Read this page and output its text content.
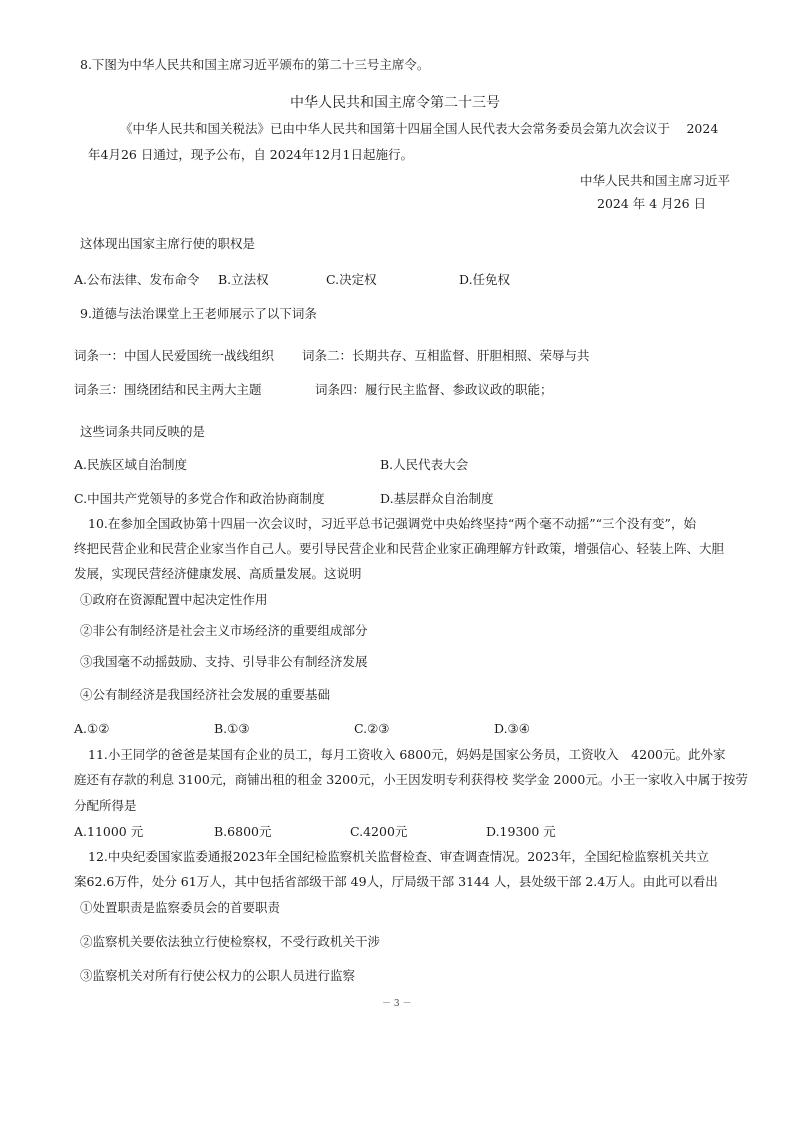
8.下图为中华人民共和国主席习近平颁布的第二十三号主席令。
中华人民共和国主席令第二十三号
《中华人民共和国关税法》已由中华人民共和国第十四届全国人民代表大会常务委员会第九次会议于　 2024
年4月26 日通过，现予公布，自 2024年12月1日起施行。
中华人民共和国主席习近平
2024 年 4 月26 日
这体现出国家主席行使的职权是
A.公布法律、发布命令 B.立法权	C.决定权	D.任免权
9.道德与法治课堂上王老师展示了以下词条
词条一：中国人民爱国统一战线组织 词条二：长期共存、互相监督、肝胆相照、荣辱与共
词条三：围绕团结和民主两大主题	词条四：履行民主监督、参政议政的职能；
这些词条共同反映的是
A.民族区域自治制度	B.人民代表大会
C.中国共产党领导的多党合作和政治协商制度	D.基层群众自治制度
10.在参加全国政协第十四届一次会议时，习近平总书记强调党中央始终坚持“两个毫不动摇”“三个没有变”，始
终把民营企业和民营企业家当作自己人。要引导民营企业和民营企业家正确理解方针政策，增强信心、轻装上阵、大胆
发展，实现民营经济健康发展、高质量发展。这说明
①政府在资源配置中起决定性作用
②非公有制经济是社会主义市场经济的重要组成部分
③我国毫不动摇鼓励、支持、引导非公有制经济发展
④公有制经济是我国经济社会发展的重要基础
A.①②	B.①③	C.②③	D.③④
11.小王同学的爸爸是某国有企业的员工，每月工资收入 6800元，妈妈是国家公务员，工资收入　4200元。此外家
庭还有存款的利息 3100元，商铺出租的租金 3200元，小王因发明专利获得校 奖学金 2000元。小王一家收入中属于按劳
分配所得是
A.11000 元	B.6800元	C.4200元	D.19300 元
12.中央纪委国家监委通报2023年全国纪检监察机关监督检查、审查调查情况。2023年，全国纪检监察机关共立
案62.6万件，处分 61万人，其中包括省部级干部 49人，厅局级干部 3144 人，县处级干部 2.4万人。由此可以看出
①处置职责是监察委员会的首要职责
②监察机关要依法独立行使检察权，不受行政机关干涉
③监察机关对所有行使公权力的公职人员进行监察
－ 3 －
